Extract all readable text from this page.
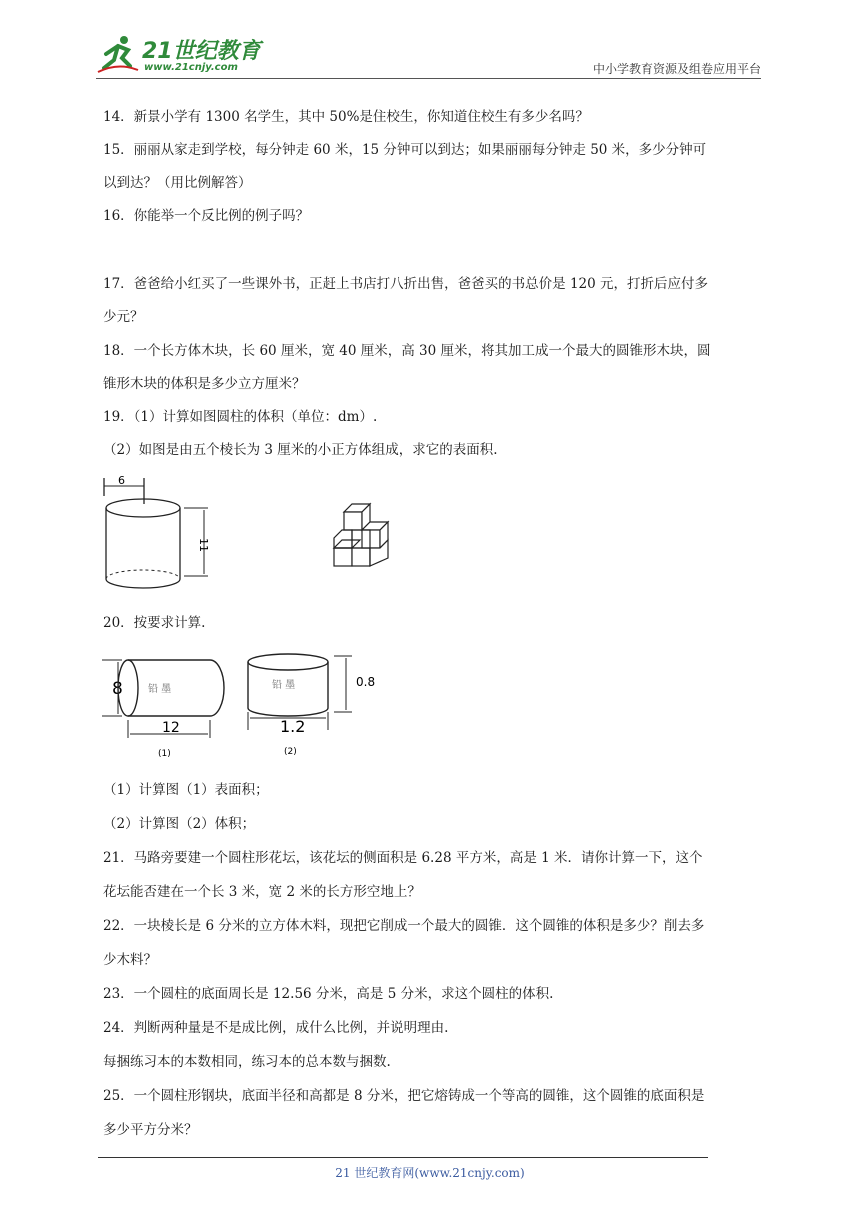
21世纪教育
www.21cnjy.com	中小学教育资源及组卷应用平台
14．新景小学有 1300 名学生，其中 50%是住校生，你知道住校生有多少名吗？
15．丽丽从家走到学校，每分钟走 60 米，15 分钟可以到达；如果丽丽每分钟走 50 米，多少分钟可
以到达？（用比例解答）
16．你能举一个反比例的例子吗？
17．爸爸给小红买了一些课外书，正赶上书店打八折出售，爸爸买的书总价是 120 元，打折后应付多
少元？
18．一个长方体木块，长 60 厘米，宽 40 厘米，高 30 厘米，将其加工成一个最大的圆锥形木块，圆
锥形木块的体积是多少立方厘米？
19．（1）计算如图圆柱的体积（单位：dm）.
（2）如图是由五个棱长为 3 厘米的小正方体组成，求它的表面积.
6
11
20．按要求计算.
8	铅 墨
12
(1)
铅 墨	0.8
1.2
(2)
（1）计算图（1）表面积；
（2）计算图（2）体积；
21．马路旁要建一个圆柱形花坛，该花坛的侧面积是 6.28 平方米，高是 1 米．请你计算一下，这个
花坛能否建在一个长 3 米，宽 2 米的长方形空地上？
22．一块棱长是 6 分米的立方体木料，现把它削成一个最大的圆锥．这个圆锥的体积是多少？削去多
少木料？
23．一个圆柱的底面周长是 12.56 分米，高是 5 分米，求这个圆柱的体积.
24．判断两种量是不是成比例，成什么比例，并说明理由.
每捆练习本的本数相同，练习本的总本数与捆数.
25．一个圆柱形钢块，底面半径和高都是 8 分米，把它熔铸成一个等高的圆锥，这个圆锥的底面积是
多少平方分米？
21 世纪教育网(www.21cnjy.com)
